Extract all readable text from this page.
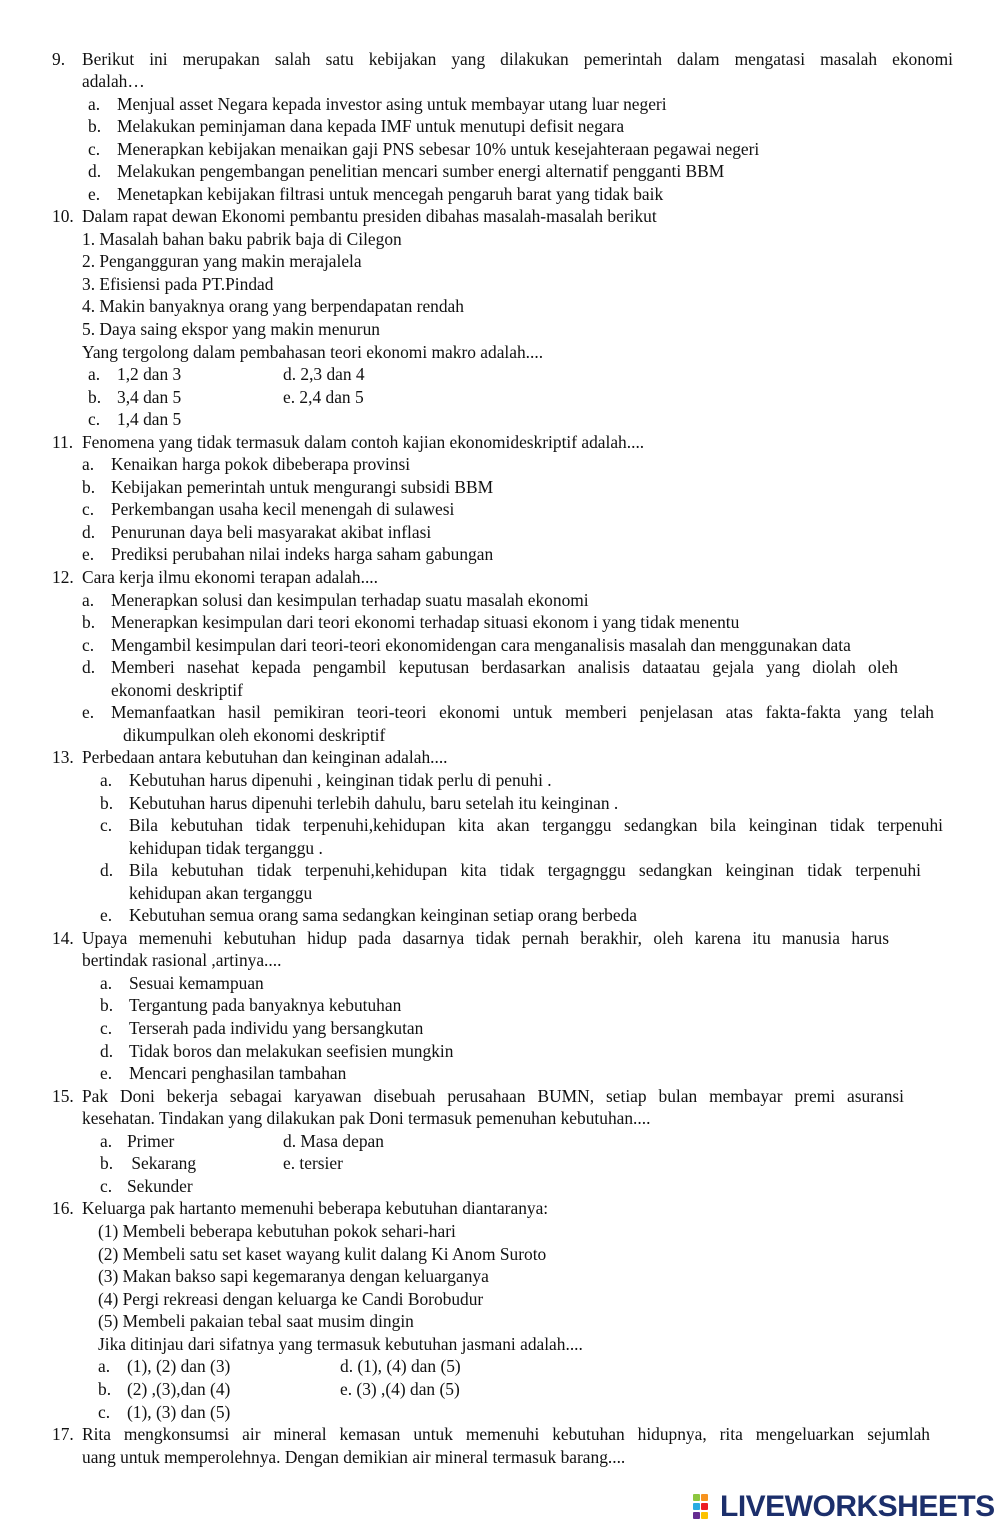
9. Berikut ini merupakan salah satu kebijakan yang dilakukan pemerintah dalam mengatasi masalah ekonomi
adalah…
a. Menjual asset Negara kepada investor asing untuk membayar utang luar negeri
b. Melakukan peminjaman dana kepada IMF untuk menutupi defisit negara
c. Menerapkan kebijakan menaikan gaji PNS sebesar 10% untuk kesejahteraan pegawai negeri
d. Melakukan pengembangan penelitian mencari sumber energi alternatif pengganti BBM
e. Menetapkan kebijakan filtrasi untuk mencegah pengaruh barat yang tidak baik
10. Dalam rapat dewan Ekonomi pembantu presiden dibahas masalah-masalah berikut
1. Masalah bahan baku pabrik baja di Cilegon
2. Pengangguran yang makin merajalela
3. Efisiensi pada PT.Pindad
4. Makin banyaknya orang yang berpendapatan rendah
5. Daya saing ekspor yang makin menurun
Yang tergolong dalam pembahasan teori ekonomi makro adalah....
a. 1,2 dan 3	d. 2,3 dan 4
b. 3,4 dan 5	e. 2,4 dan 5
c. 1,4 dan 5
11. Fenomena yang tidak termasuk dalam contoh kajian ekonomideskriptif adalah....
a. Kenaikan harga pokok dibeberapa provinsi
b. Kebijakan pemerintah untuk mengurangi subsidi BBM
c. Perkembangan usaha kecil menengah di sulawesi
d. Penurunan daya beli masyarakat akibat inflasi
e. Prediksi perubahan nilai indeks harga saham gabungan
12. Cara kerja ilmu ekonomi terapan adalah....
a. Menerapkan solusi dan kesimpulan terhadap suatu masalah ekonomi
b. Menerapkan kesimpulan dari teori ekonomi terhadap situasi ekonom i yang tidak menentu
c. Mengambil kesimpulan dari teori-teori ekonomidengan cara menganalisis masalah dan menggunakan data
d. Memberi nasehat kepada pengambil keputusan berdasarkan analisis dataatau gejala yang diolah oleh
ekonomi deskriptif
e. Memanfaatkan hasil pemikiran teori-teori ekonomi untuk memberi penjelasan atas fakta-fakta yang telah
dikumpulkan oleh ekonomi deskriptif
13. Perbedaan antara kebutuhan dan keinginan adalah....
a. Kebutuhan harus dipenuhi , keinginan tidak perlu di penuhi .
b. Kebutuhan harus dipenuhi terlebih dahulu, baru setelah itu keinginan .
c. Bila kebutuhan tidak terpenuhi,kehidupan kita akan terganggu sedangkan bila keinginan tidak terpenuhi
kehidupan tidak terganggu .
d. Bila kebutuhan tidak terpenuhi,kehidupan kita tidak tergagnggu sedangkan keinginan tidak terpenuhi
kehidupan akan terganggu
e. Kebutuhan semua orang sama sedangkan keinginan setiap orang berbeda
14. Upaya memenuhi kebutuhan hidup pada dasarnya tidak pernah berakhir, oleh karena itu manusia harus
bertindak rasional ,artinya....
a. Sesuai kemampuan
b. Tergantung pada banyaknya kebutuhan
c. Terserah pada individu yang bersangkutan
d. Tidak boros dan melakukan seefisien mungkin
e. Mencari penghasilan tambahan
15. Pak Doni bekerja sebagai karyawan disebuah perusahaan BUMN, setiap bulan membayar premi asuransi
kesehatan. Tindakan yang dilakukan pak Doni termasuk pemenuhan kebutuhan....
a. Primer	d. Masa depan
b. Sekarang	e. tersier
c. Sekunder
16. Keluarga pak hartanto memenuhi beberapa kebutuhan diantaranya:
(1) Membeli beberapa kebutuhan pokok sehari-hari
(2) Membeli satu set kaset wayang kulit dalang Ki Anom Suroto
(3) Makan bakso sapi kegemaranya dengan keluarganya
(4) Pergi rekreasi dengan keluarga ke Candi Borobudur
(5) Membeli pakaian tebal saat musim dingin
Jika ditinjau dari sifatnya yang termasuk kebutuhan jasmani adalah....
a. (1), (2) dan (3)	d. (1), (4) dan (5)
b. (2) ,(3),dan (4)	e. (3) ,(4) dan (5)
c. (1), (3) dan (5)
17. Rita mengkonsumsi air mineral kemasan untuk memenuhi kebutuhan hidupnya, rita mengeluarkan sejumlah
uang untuk memperolehnya. Dengan demikian air mineral termasuk barang....
LIVEWORKSHEETS
